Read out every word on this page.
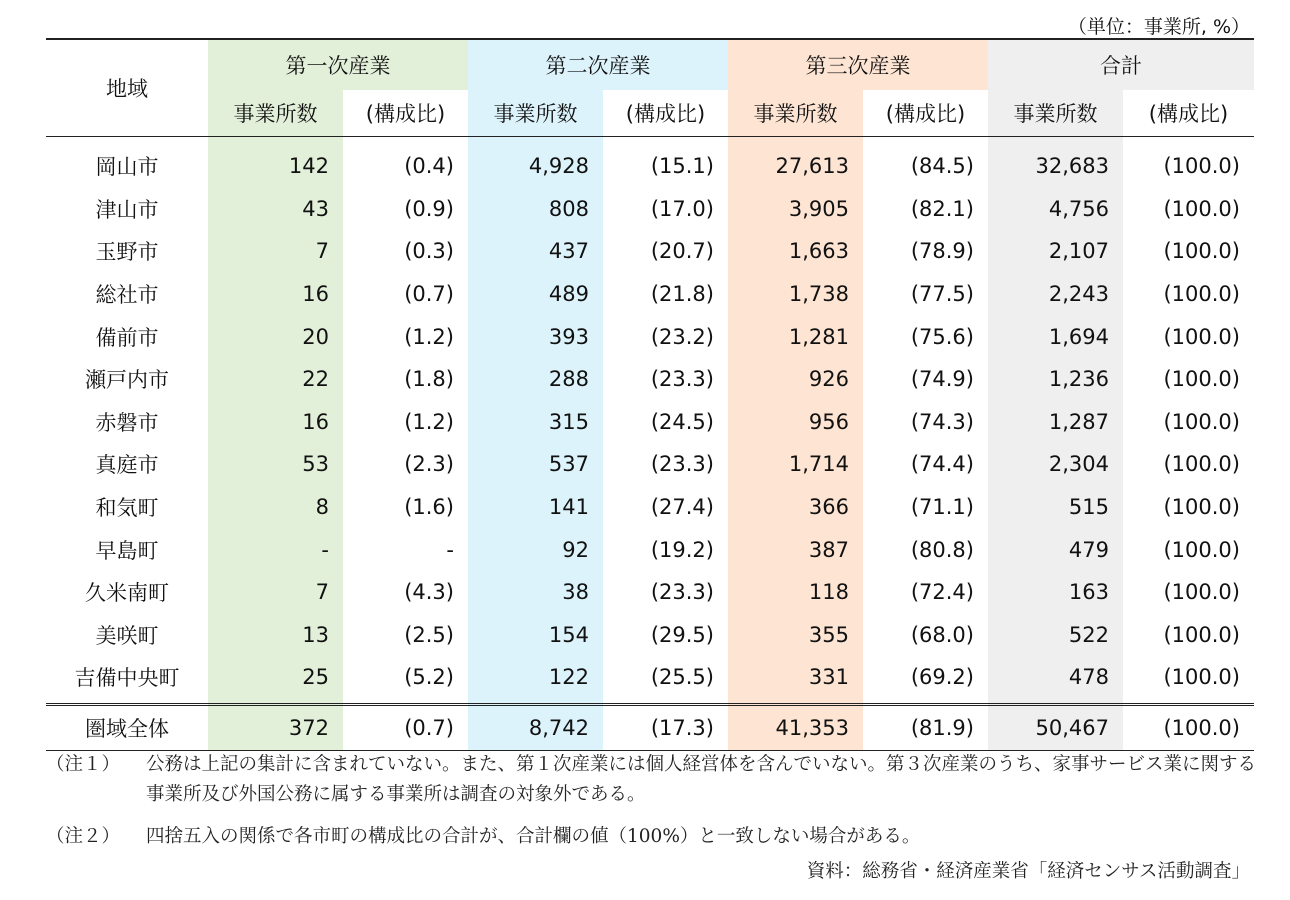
（単位：事業所, %）
地域	第一次産業		第二次産業		第三次産業		合計	
	事業所数	(構成比)	事業所数	(構成比)	事業所数	(構成比)	事業所数	(構成比)
岡山市	142	(0.4)	4,928	(15.1)	27,613	(84.5)	32,683	(100.0)
津山市	43	(0.9)	808	(17.0)	3,905	(82.1)	4,756	(100.0)
玉野市	7	(0.3)	437	(20.7)	1,663	(78.9)	2,107	(100.0)
総社市	16	(0.7)	489	(21.8)	1,738	(77.5)	2,243	(100.0)
備前市	20	(1.2)	393	(23.2)	1,281	(75.6)	1,694	(100.0)
瀬戸内市	22	(1.8)	288	(23.3)	926	(74.9)	1,236	(100.0)
赤磐市	16	(1.2)	315	(24.5)	956	(74.3)	1,287	(100.0)
真庭市	53	(2.3)	537	(23.3)	1,714	(74.4)	2,304	(100.0)
和気町	8	(1.6)	141	(27.4)	366	(71.1)	515	(100.0)
早島町	-	-	92	(19.2)	387	(80.8)	479	(100.0)
久米南町	7	(4.3)	38	(23.3)	118	(72.4)	163	(100.0)
美咲町	13	(2.5)	154	(29.5)	355	(68.0)	522	(100.0)
吉備中央町	25	(5.2)	122	(25.5)	331	(69.2)	478	(100.0)
圏域全体	372	(0.7)	8,742	(17.3)	41,353	(81.9)	50,467	(100.0)
（注１）	公務は上記の集計に含まれていない。また、第１次産業には個人経営体を含んでいない。第３次産業のうち、家事サービス業に関する事業所及び外国公務に属する事業所は調査の対象外である。
（注２）	四捨五入の関係で各市町の構成比の合計が、合計欄の値（100%）と一致しない場合がある。
資料：総務省・経済産業省「経済センサス活動調査」
